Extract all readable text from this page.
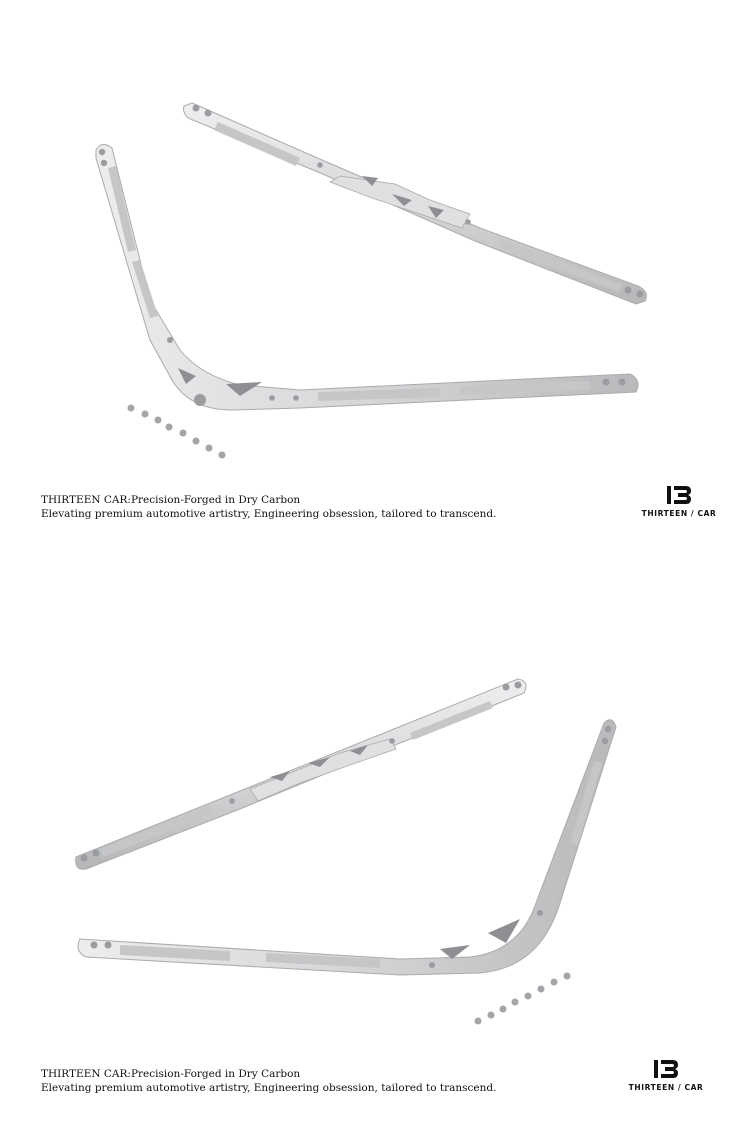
THIRTEEN CAR:Precision-Forged in Dry Carbon
Elevating premium automotive artistry, Engineering obsession, tailored to transcend.	THIRTEEN / CAR
THIRTEEN CAR:Precision-Forged in Dry Carbon
Elevating premium automotive artistry, Engineering obsession, tailored to transcend.	THIRTEEN / CAR
